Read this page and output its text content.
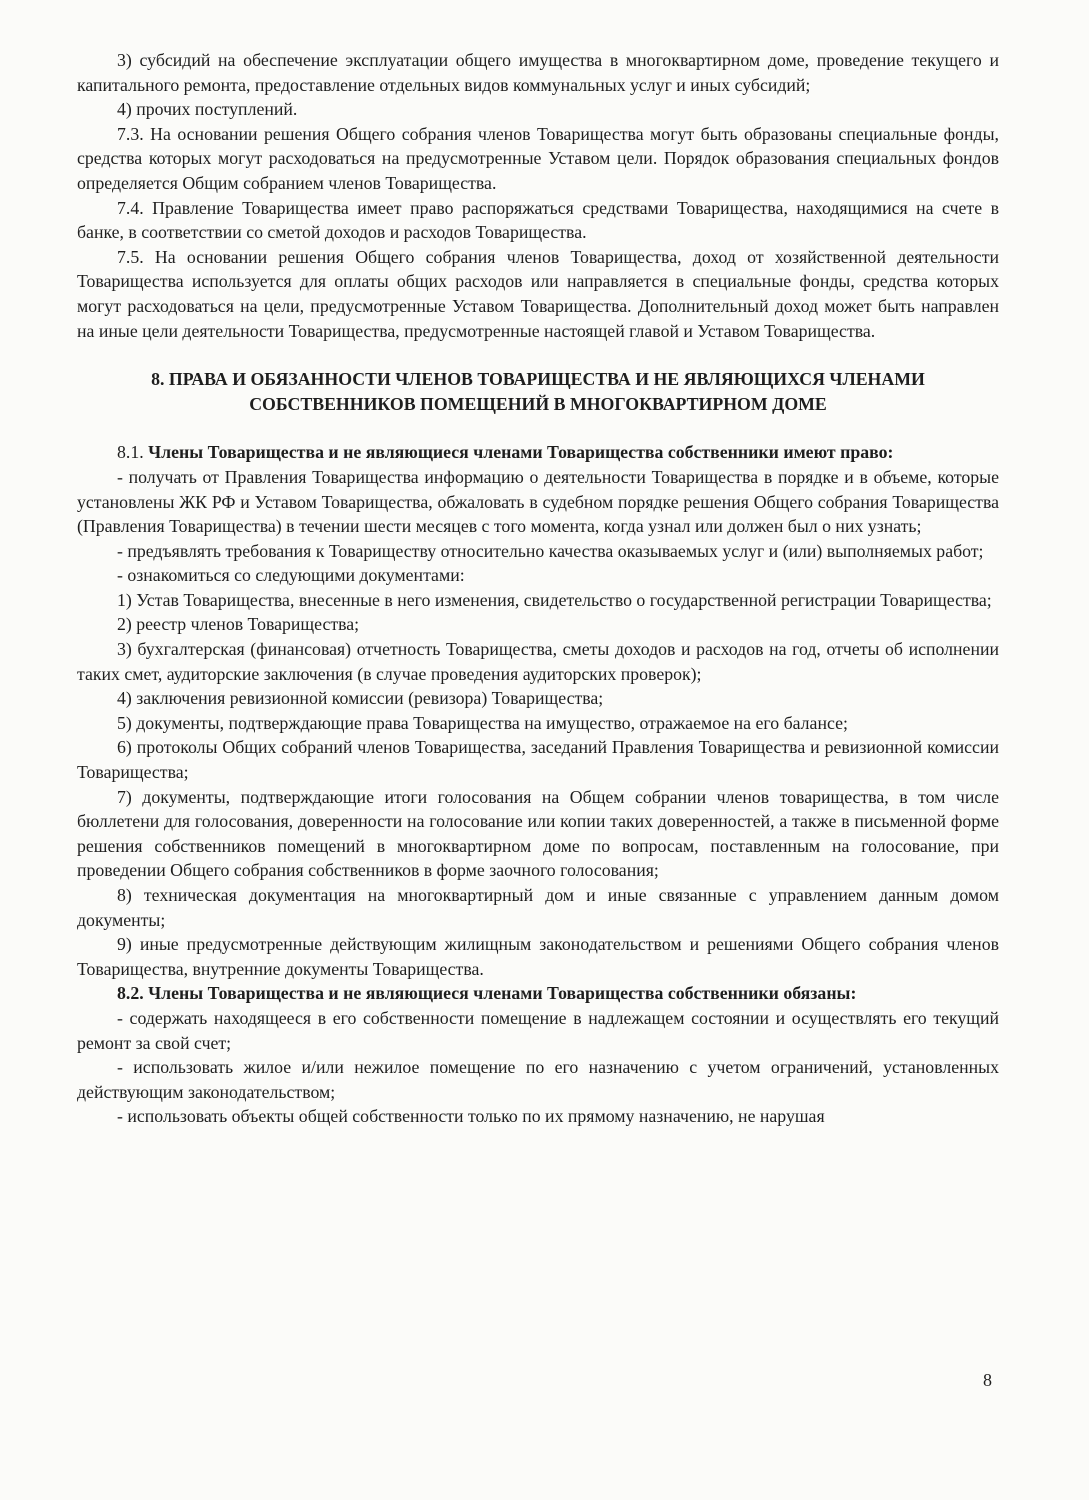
3) субсидий на обеспечение эксплуатации общего имущества в многоквартирном доме, проведение текущего и капитального ремонта, предоставление отдельных видов коммунальных услуг и иных субсидий;

4) прочих поступлений.

7.3. На основании решения Общего собрания членов Товарищества могут быть образованы специальные фонды, средства которых могут расходоваться на предусмотренные Уставом цели. Порядок образования специальных фондов определяется Общим собранием членов Товарищества.

7.4. Правление Товарищества имеет право распоряжаться средствами Товарищества, находящимися на счете в банке, в соответствии со сметой доходов и расходов Товарищества.

7.5. На основании решения Общего собрания членов Товарищества, доход от хозяйственной деятельности Товарищества используется для оплаты общих расходов или направляется в специальные фонды, средства которых могут расходоваться на цели, предусмотренные Уставом Товарищества. Дополнительный доход может быть направлен на иные цели деятельности Товарищества, предусмотренные настоящей главой и Уставом Товарищества.

8. ПРАВА И ОБЯЗАННОСТИ ЧЛЕНОВ ТОВАРИЩЕСТВА И НЕ ЯВЛЯЮЩИХСЯ ЧЛЕНАМИ СОБСТВЕННИКОВ ПОМЕЩЕНИЙ В МНОГОКВАРТИРНОМ ДОМЕ

8.1. Члены Товарищества и не являющиеся членами Товарищества собственники имеют право:

- получать от Правления Товарищества информацию о деятельности Товарищества в порядке и в объеме, которые установлены ЖК РФ и Уставом Товарищества, обжаловать в судебном порядке решения Общего собрания Товарищества (Правления Товарищества) в течении шести месяцев с того момента, когда узнал или должен был о них узнать;

- предъявлять требования к Товариществу относительно качества оказываемых услуг и (или) выполняемых работ;

- ознакомиться со следующими документами:

1) Устав Товарищества, внесенные в него изменения, свидетельство о государственной регистрации Товарищества;

2) реестр членов Товарищества;

3) бухгалтерская (финансовая) отчетность Товарищества, сметы доходов и расходов на год, отчеты об исполнении таких смет, аудиторские заключения (в случае проведения аудиторских проверок);

4) заключения ревизионной комиссии (ревизора) Товарищества;

5) документы, подтверждающие права Товарищества на имущество, отражаемое на его балансе;

6) протоколы Общих собраний членов Товарищества, заседаний Правления Товарищества и ревизионной комиссии Товарищества;

7) документы, подтверждающие итоги голосования на Общем собрании членов товарищества, в том числе бюллетени для голосования, доверенности на голосование или копии таких доверенностей, а также в письменной форме решения собственников помещений в многоквартирном доме по вопросам, поставленным на голосование, при проведении Общего собрания собственников в форме заочного голосования;

8) техническая документация на многоквартирный дом и иные связанные с управлением данным домом документы;

9) иные предусмотренные действующим жилищным законодательством и решениями Общего собрания членов Товарищества, внутренние документы Товарищества.

8.2. Члены Товарищества и не являющиеся членами Товарищества собственники обязаны:

- содержать находящееся в его собственности помещение в надлежащем состоянии и осуществлять его текущий ремонт за свой счет;

- использовать жилое и/или нежилое помещение по его назначению с учетом ограничений, установленных действующим законодательством;

- использовать объекты общей собственности только по их прямому назначению, не нарушая

8
